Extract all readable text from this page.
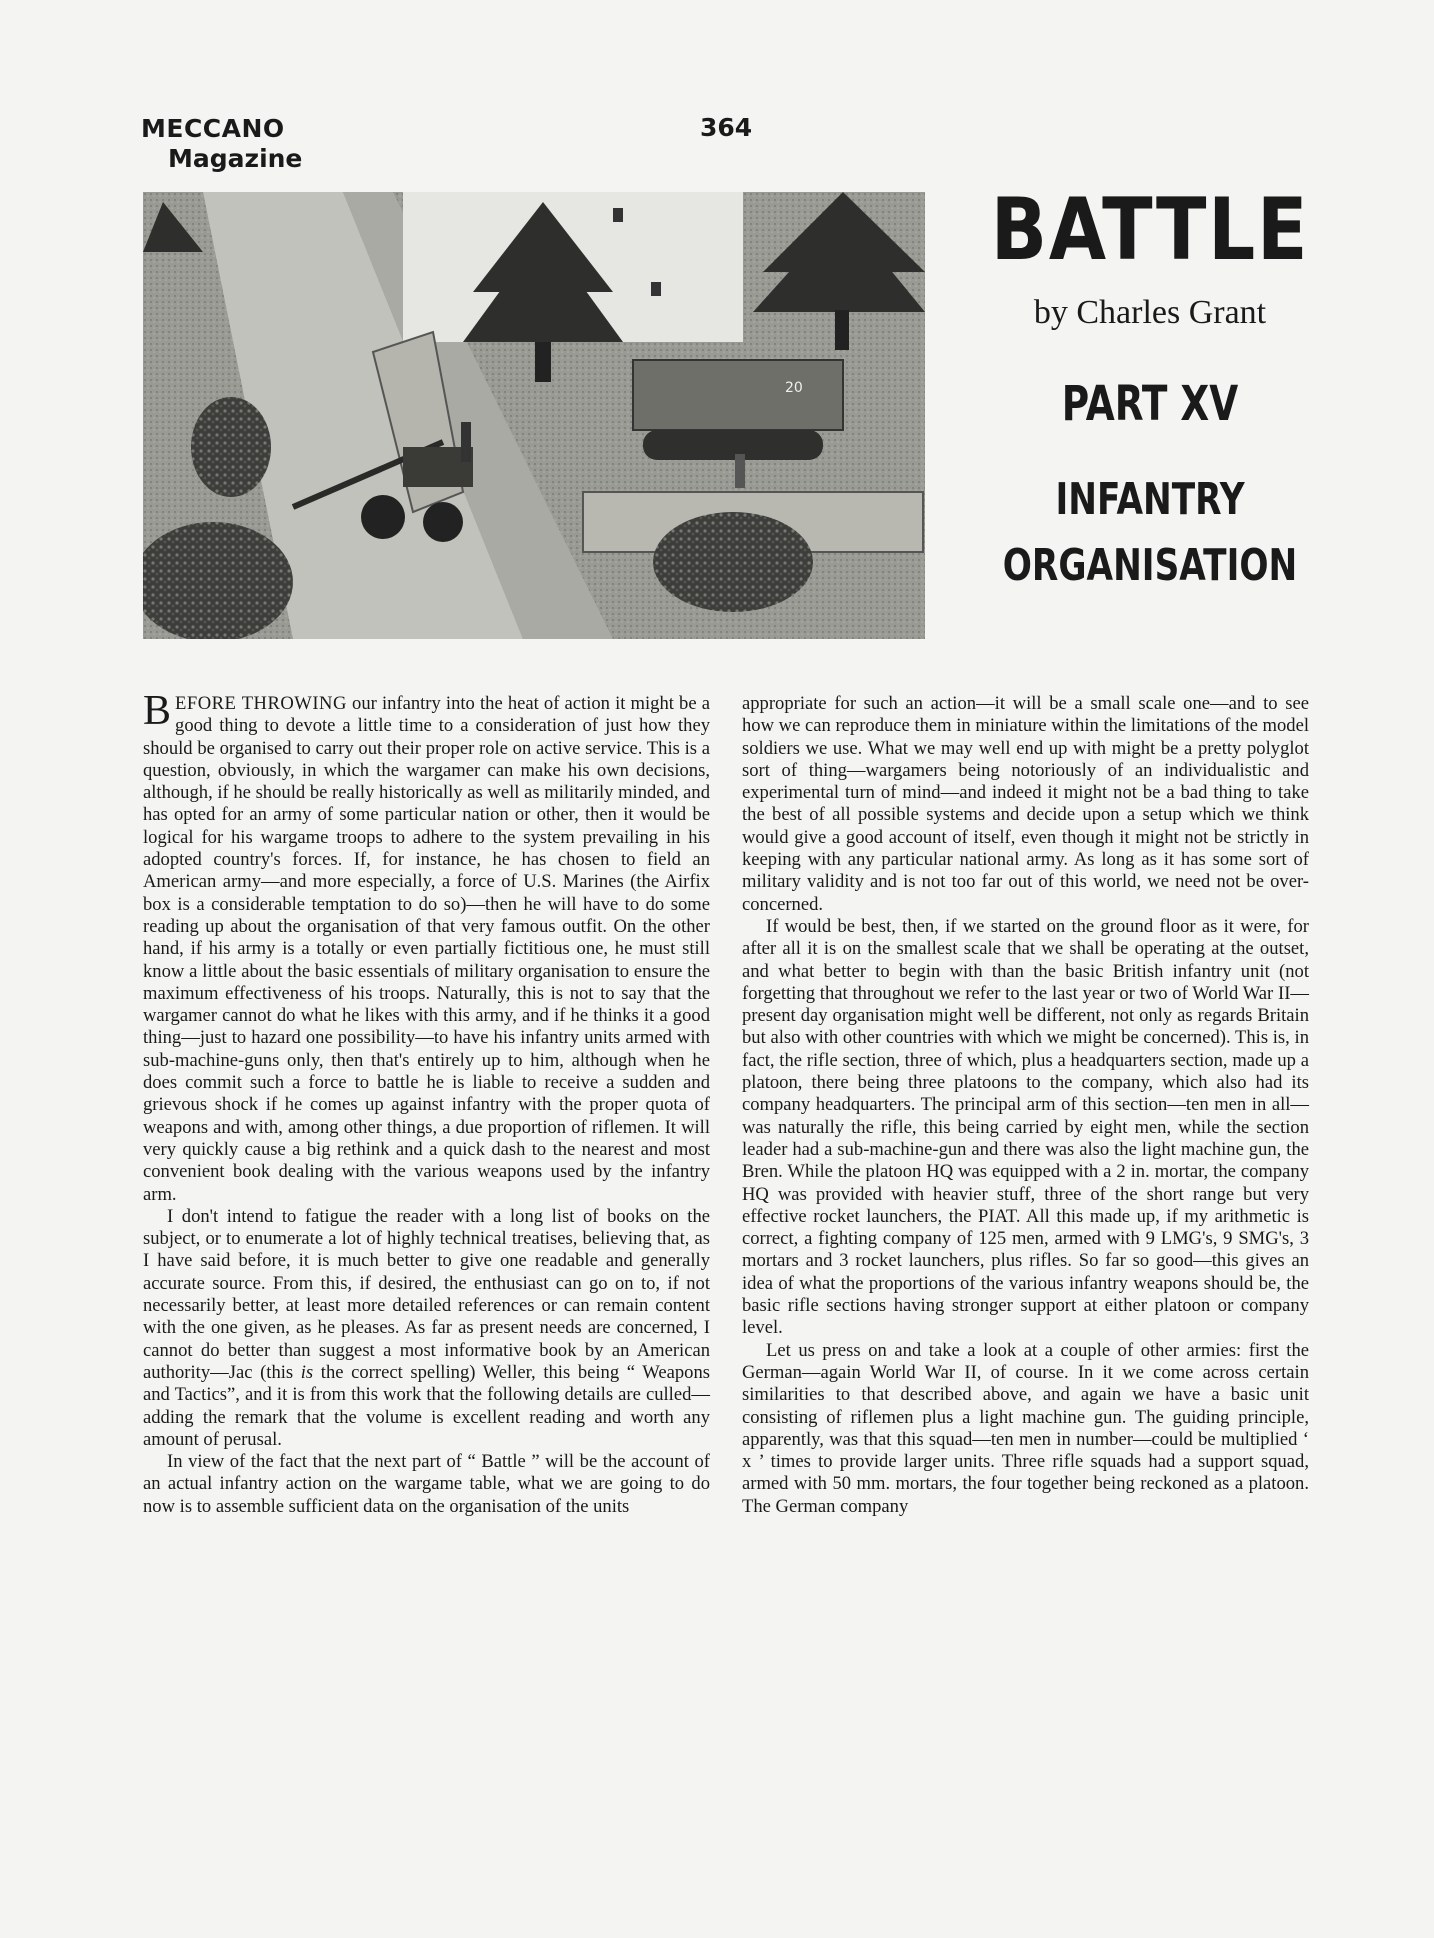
MECCANO
Magazine
364
20
BATTLE
by Charles Grant
PART XV
INFANTRY
ORGANISATION

BEFORE THROWING our infantry into the heat of action it might be a good thing to devote a little time to a consideration of just how they should be organised to carry out their proper role on active service. This is a question, obviously, in which the wargamer can make his own decisions, although, if he should be really historically as well as militarily minded, and has opted for an army of some particular nation or other, then it would be logical for his wargame troops to adhere to the system prevailing in his adopted country's forces. If, for instance, he has chosen to field an American army—and more especially, a force of U.S. Marines (the Airfix box is a considerable temptation to do so)—then he will have to do some reading up about the organisation of that very famous outfit. On the other hand, if his army is a totally or even partially fictitious one, he must still know a little about the basic essentials of military organisation to ensure the maximum effectiveness of his troops. Naturally, this is not to say that the wargamer cannot do what he likes with this army, and if he thinks it a good thing—just to hazard one possibility—to have his infantry units armed with sub-machine-guns only, then that's entirely up to him, although when he does commit such a force to battle he is liable to receive a sudden and grievous shock if he comes up against infantry with the proper quota of weapons and with, among other things, a due proportion of riflemen. It will very quickly cause a big rethink and a quick dash to the nearest and most convenient book dealing with the various weapons used by the infantry arm.

I don't intend to fatigue the reader with a long list of books on the subject, or to enumerate a lot of highly technical treatises, believing that, as I have said before, it is much better to give one readable and generally accurate source. From this, if desired, the enthusiast can go on to, if not necessarily better, at least more detailed references or can remain content with the one given, as he pleases. As far as present needs are concerned, I cannot do better than suggest a most informative book by an American authority—Jac (this is the correct spelling) Weller, this being “ Weapons and Tactics”, and it is from this work that the following details are culled—adding the remark that the volume is excellent reading and worth any amount of perusal.

In view of the fact that the next part of “ Battle ” will be the account of an actual infantry action on the wargame table, what we are going to do now is to assemble sufficient data on the organisation of the units

appropriate for such an action—it will be a small scale one—and to see how we can reproduce them in miniature within the limitations of the model soldiers we use. What we may well end up with might be a pretty polyglot sort of thing—wargamers being notoriously of an individualistic and experimental turn of mind—and indeed it might not be a bad thing to take the best of all possible systems and decide upon a setup which we think would give a good account of itself, even though it might not be strictly in keeping with any particular national army. As long as it has some sort of military validity and is not too far out of this world, we need not be over-concerned.

If would be best, then, if we started on the ground floor as it were, for after all it is on the smallest scale that we shall be operating at the outset, and what better to begin with than the basic British infantry unit (not forgetting that throughout we refer to the last year or two of World War II—present day organisation might well be different, not only as regards Britain but also with other countries with which we might be concerned). This is, in fact, the rifle section, three of which, plus a headquarters section, made up a platoon, there being three platoons to the company, which also had its company headquarters. The principal arm of this section—ten men in all—was naturally the rifle, this being carried by eight men, while the section leader had a sub-machine-gun and there was also the light machine gun, the Bren. While the platoon HQ was equipped with a 2 in. mortar, the company HQ was provided with heavier stuff, three of the short range but very effective rocket launchers, the PIAT. All this made up, if my arithmetic is correct, a fighting company of 125 men, armed with 9 LMG's, 9 SMG's, 3 mortars and 3 rocket launchers, plus rifles. So far so good—this gives an idea of what the proportions of the various infantry weapons should be, the basic rifle sections having stronger support at either platoon or company level.

Let us press on and take a look at a couple of other armies: first the German—again World War II, of course. In it we come across certain similarities to that described above, and again we have a basic unit consisting of riflemen plus a light machine gun. The guiding principle, apparently, was that this squad—ten men in number—could be multiplied ‘ x ’ times to provide larger units. Three rifle squads had a support squad, armed with 50 mm. mortars, the four together being reckoned as a platoon. The German company
